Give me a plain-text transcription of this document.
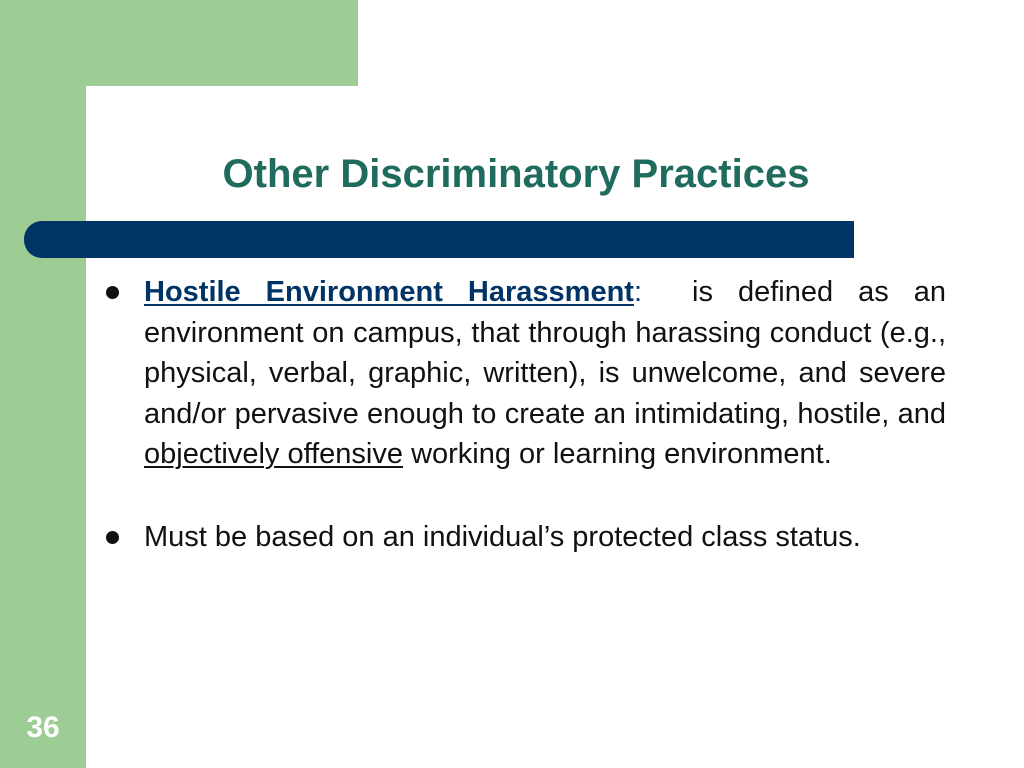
Other Discriminatory Practices
Hostile Environment Harassment:  is defined as an environment on campus, that through harassing conduct (e.g., physical, verbal, graphic, written), is unwelcome, and severe and/or pervasive enough to create an intimidating, hostile, and objectively offensive working or learning environment.
Must be based on an individual’s protected class status.
36
